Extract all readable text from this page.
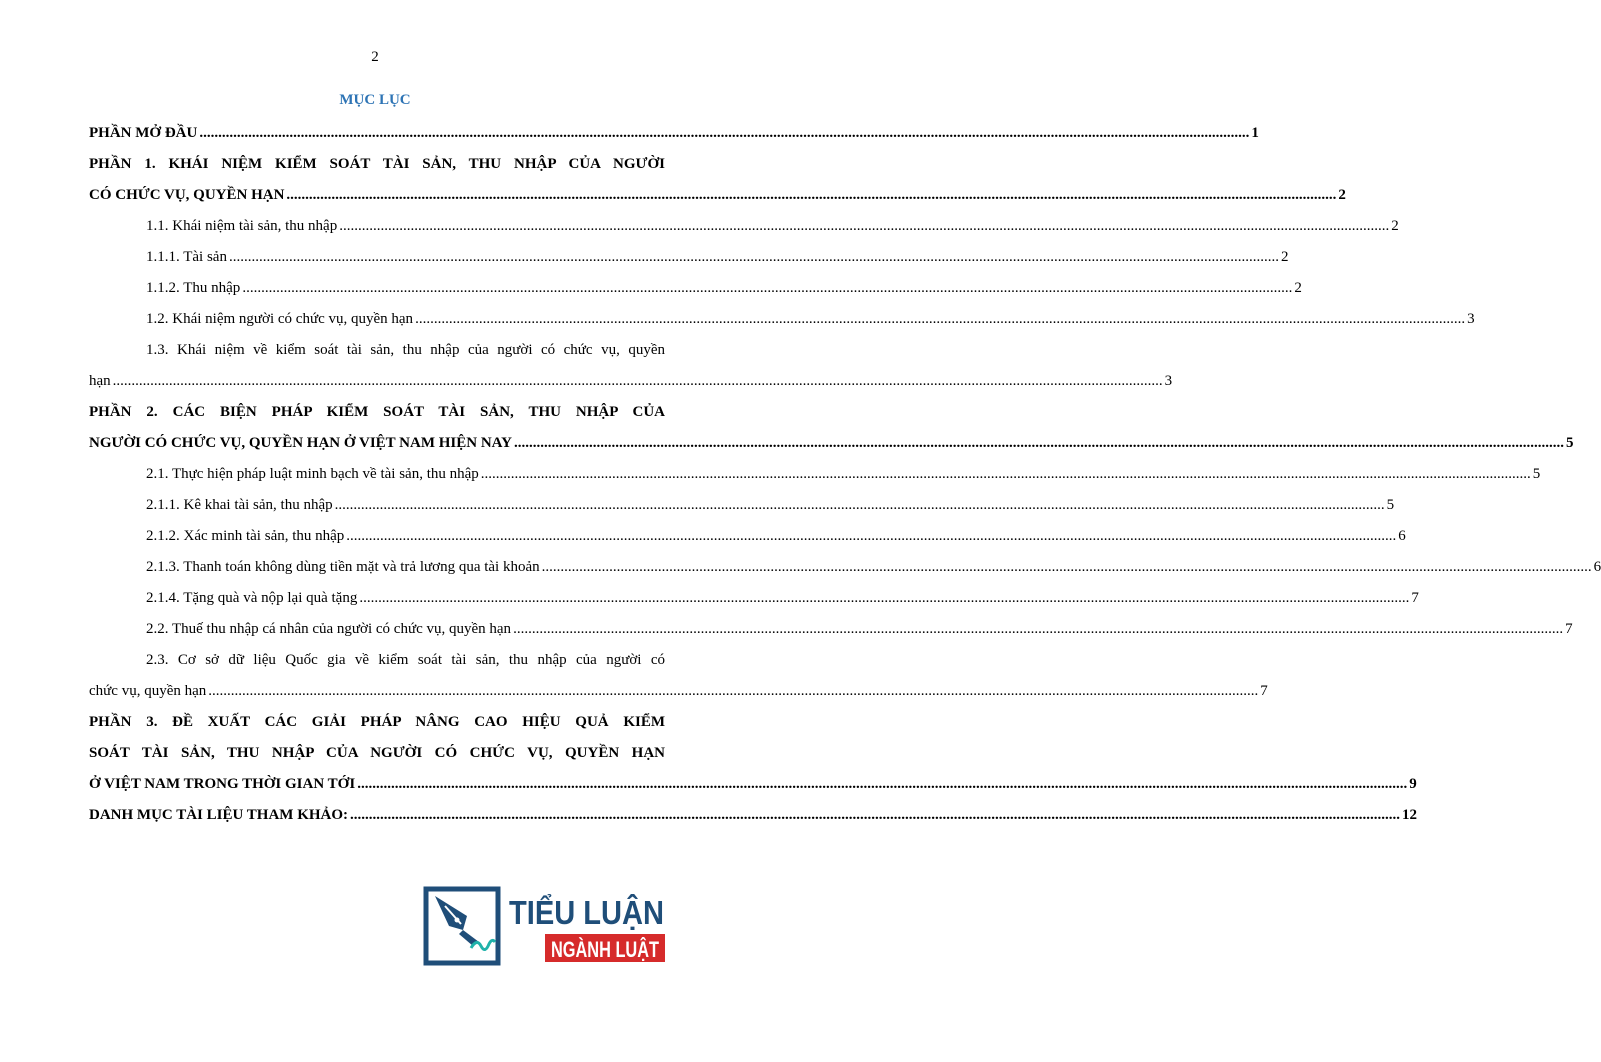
2
MỤC LỤC
PHẦN MỞ ĐẦU .....	1
PHẦN 1. KHÁI NIỆM KIỂM SOÁT TÀI SẢN, THU NHẬP CỦA NGƯỜI
CÓ CHỨC VỤ, QUYỀN HẠN .....	2
1.1. Khái niệm tài sản, thu nhập .....	2
1.1.1. Tài sản .....	2
1.1.2. Thu nhập .....	2
1.2. Khái niệm người có chức vụ, quyền hạn .....	3
1.3. Khái niệm về kiểm soát tài sản, thu nhập của người có chức vụ, quyền
hạn .....	3
PHẦN 2. CÁC BIỆN PHÁP KIỂM SOÁT TÀI SẢN, THU NHẬP CỦA
NGƯỜI CÓ CHỨC VỤ, QUYỀN HẠN Ở VIỆT NAM HIỆN NAY .....	5
2.1. Thực hiện pháp luật minh bạch về tài sản, thu nhập .....	5
2.1.1. Kê khai tài sản, thu nhập .....	5
2.1.2. Xác minh tài sản, thu nhập .....	6
2.1.3. Thanh toán không dùng tiền mặt và trả lương qua tài khoản .....	6
2.1.4. Tặng quà và nộp lại quà tặng .....	7
2.2. Thuế thu nhập cá nhân của người có chức vụ, quyền hạn .....	7
2.3. Cơ sở dữ liệu Quốc gia về kiểm soát tài sản, thu nhập của người có
chức vụ, quyền hạn .....	7
PHẦN 3. ĐỀ XUẤT CÁC GIẢI PHÁP NÂNG CAO HIỆU QUẢ KIỂM
SOÁT TÀI SẢN, THU NHẬP CỦA NGƯỜI CÓ CHỨC VỤ, QUYỀN HẠN
Ở VIỆT NAM TRONG THỜI GIAN TỚI .....	9
DANH MỤC TÀI LIỆU THAM KHẢO: .....	12
TIỂU LUẬN
NGÀNH LUẬT
